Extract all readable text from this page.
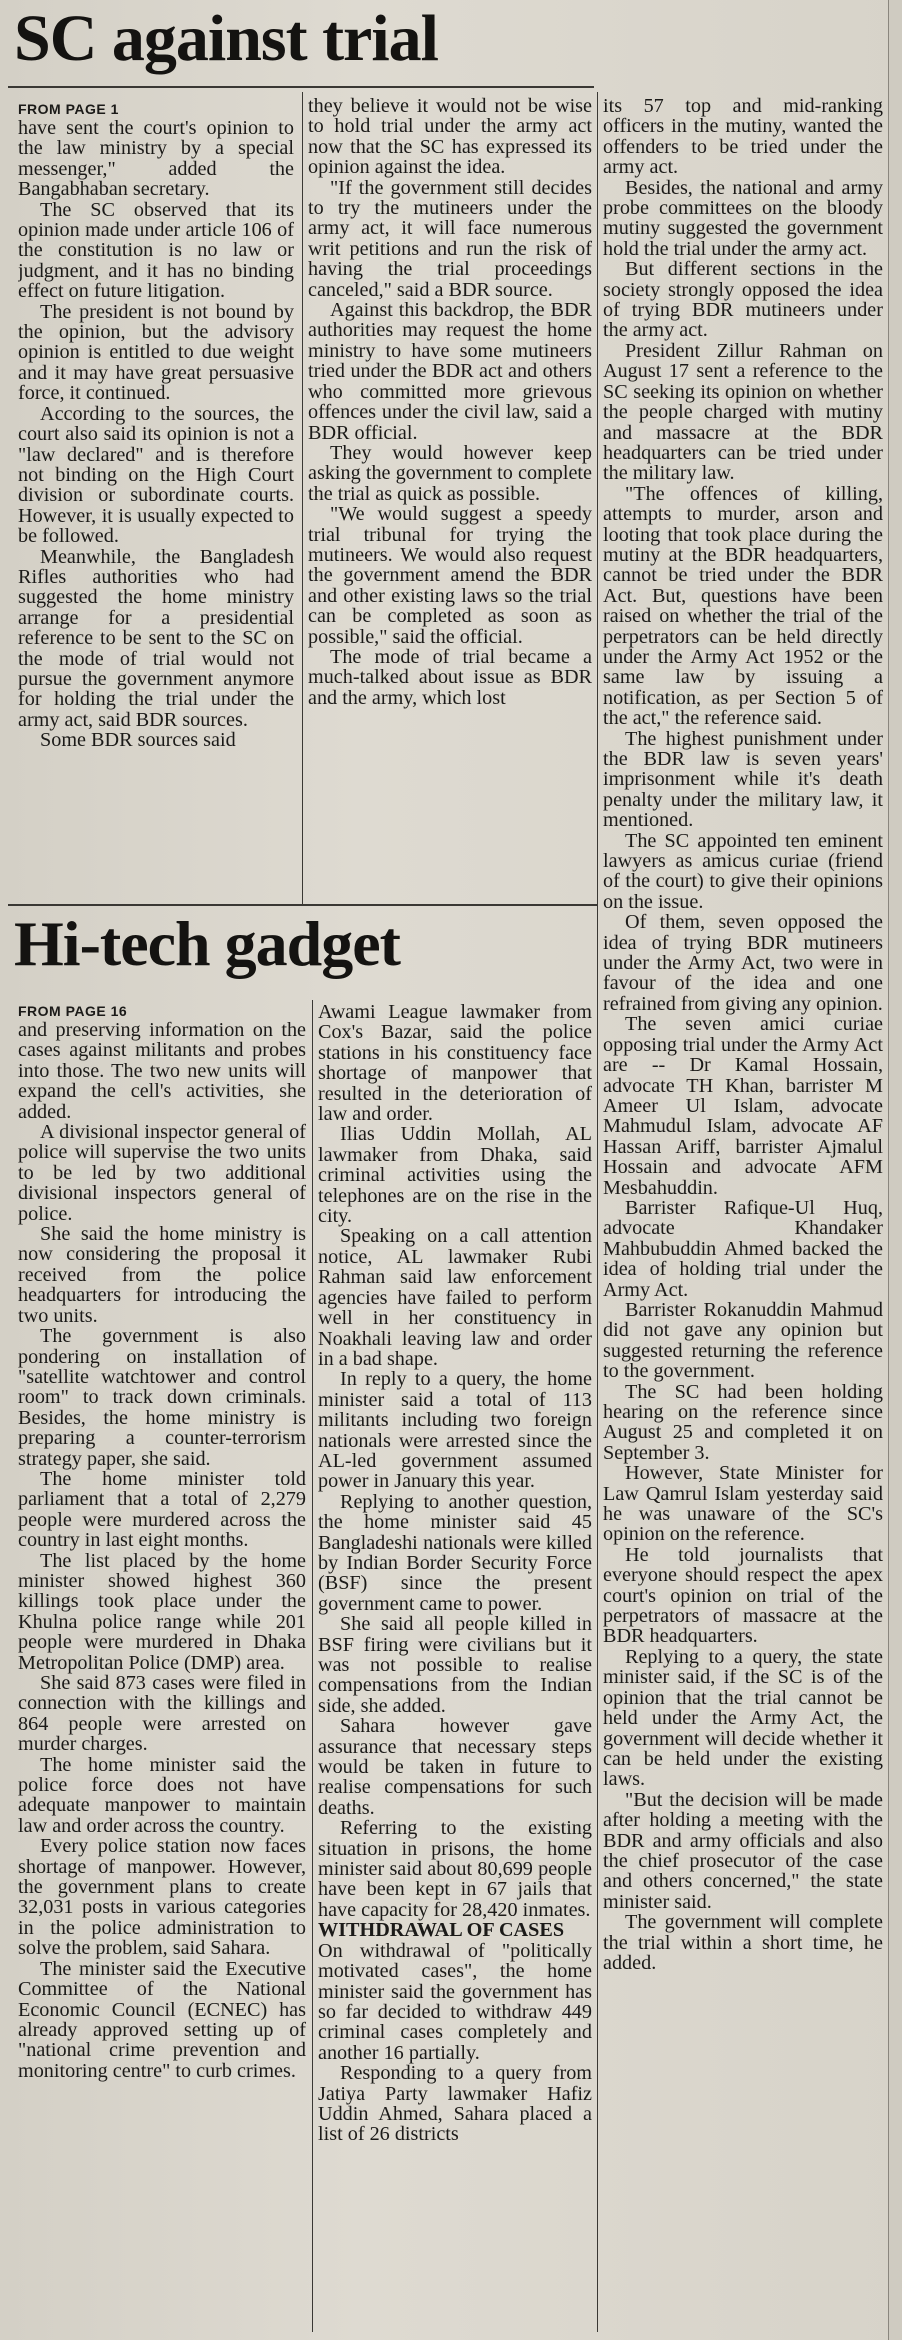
SC against trial
FROM PAGE 1

have sent the court's opinion to the law ministry by a special messenger," added the Bangabhaban secretary.

The SC observed that its opinion made under article 106 of the constitution is no law or judgment, and it has no binding effect on future litigation.

The president is not bound by the opinion, but the advisory opinion is entitled to due weight and it may have great persuasive force, it continued.

According to the sources, the court also said its opinion is not a "law declared" and is therefore not binding on the High Court division or subordinate courts. However, it is usually expected to be followed.

Meanwhile, the Bangladesh Rifles authorities who had suggested the home ministry arrange for a presidential reference to be sent to the SC on the mode of trial would not pursue the government anymore for holding the trial under the army act, said BDR sources.

Some BDR sources said

they believe it would not be wise to hold trial under the army act now that the SC has expressed its opinion against the idea.

"If the government still decides to try the mutineers under the army act, it will face numerous writ petitions and run the risk of having the trial proceedings canceled," said a BDR source.

Against this backdrop, the BDR authorities may request the home ministry to have some mutineers tried under the BDR act and others who committed more grievous offences under the civil law, said a BDR official.

They would however keep asking the government to complete the trial as quick as possible.

"We would suggest a speedy trial tribunal for trying the mutineers. We would also request the government amend the BDR and other existing laws so the trial can be completed as soon as possible," said the official.

The mode of trial became a much-talked about issue as BDR and the army, which lost

its 57 top and mid-ranking officers in the mutiny, wanted the offenders to be tried under the army act.

Besides, the national and army probe committees on the bloody mutiny suggested the government hold the trial under the army act.

But different sections in the society strongly opposed the idea of trying BDR mutineers under the army act.

President Zillur Rahman on August 17 sent a reference to the SC seeking its opinion on whether the people charged with mutiny and massacre at the BDR headquarters can be tried under the military law.

"The offences of killing, attempts to murder, arson and looting that took place during the mutiny at the BDR headquarters, cannot be tried under the BDR Act. But, questions have been raised on whether the trial of the perpetrators can be held directly under the Army Act 1952 or the same law by issuing a notification, as per Section 5 of the act," the reference said.

The highest punishment under the BDR law is seven years' imprisonment while it's death penalty under the military law, it mentioned.

The SC appointed ten eminent lawyers as amicus curiae (friend of the court) to give their opinions on the issue.

Of them, seven opposed the idea of trying BDR mutineers under the Army Act, two were in favour of the idea and one refrained from giving any opinion.

The seven amici curiae opposing trial under the Army Act are -- Dr Kamal Hossain, advocate TH Khan, barrister M Ameer Ul Islam, advocate Mahmudul Islam, advocate AF Hassan Ariff, barrister Ajmalul Hossain and advocate AFM Mesbahuddin.

Barrister Rafique-Ul Huq, advocate Khandaker Mahbubuddin Ahmed backed the idea of holding trial under the Army Act.

Barrister Rokanuddin Mahmud did not gave any opinion but suggested returning the reference to the government.

The SC had been holding hearing on the reference since August 25 and completed it on September 3.

However, State Minister for Law Qamrul Islam yesterday said he was unaware of the SC's opinion on the reference.

He told journalists that everyone should respect the apex court's opinion on trial of the perpetrators of massacre at the BDR headquarters.

Replying to a query, the state minister said, if the SC is of the opinion that the trial cannot be held under the Army Act, the government will decide whether it can be held under the existing laws.

"But the decision will be made after holding a meeting with the BDR and army officials and also the chief prosecutor of the case and others concerned," the state minister said.

The government will complete the trial within a short time, he added.

Hi-tech gadget
FROM PAGE 16

and preserving information on the cases against militants and probes into those. The two new units will expand the cell's activities, she added.

A divisional inspector general of police will supervise the two units to be led by two additional divisional inspectors general of police.

She said the home ministry is now considering the proposal it received from the police headquarters for introducing the two units.

The government is also pondering on installation of "satellite watchtower and control room" to track down criminals. Besides, the home ministry is preparing a counter-terrorism strategy paper, she said.

The home minister told parliament that a total of 2,279 people were murdered across the country in last eight months.

The list placed by the home minister showed highest 360 killings took place under the Khulna police range while 201 people were murdered in Dhaka Metropolitan Police (DMP) area.

She said 873 cases were filed in connection with the killings and 864 people were arrested on murder charges.

The home minister said the police force does not have adequate manpower to maintain law and order across the country.

Every police station now faces shortage of manpower. However, the government plans to create 32,031 posts in various categories in the police administration to solve the problem, said Sahara.

The minister said the Executive Committee of the National Economic Council (ECNEC) has already approved setting up of "national crime prevention and monitoring centre" to curb crimes.

Awami League lawmaker from Cox's Bazar, said the police stations in his constituency face shortage of manpower that resulted in the deterioration of law and order.

Ilias Uddin Mollah, AL lawmaker from Dhaka, said criminal activities using the telephones are on the rise in the city.

Speaking on a call attention notice, AL lawmaker Rubi Rahman said law enforcement agencies have failed to perform well in her constituency in Noakhali leaving law and order in a bad shape.

In reply to a query, the home minister said a total of 113 militants including two foreign nationals were arrested since the AL-led government assumed power in January this year.

Replying to another question, the home minister said 45 Bangladeshi nationals were killed by Indian Border Security Force (BSF) since the present government came to power.

She said all people killed in BSF firing were civilians but it was not possible to realise compensations from the Indian side, she added.

Sahara however gave assurance that necessary steps would be taken in future to realise compensations for such deaths.

Referring to the existing situation in prisons, the home minister said about 80,699 people have been kept in 67 jails that have capacity for 28,420 inmates.

WITHDRAWAL OF CASES

On withdrawal of "politically motivated cases", the home minister said the government has so far decided to withdraw 449 criminal cases completely and another 16 partially.

Responding to a query from Jatiya Party lawmaker Hafiz Uddin Ahmed, Sahara placed a list of 26 districts
